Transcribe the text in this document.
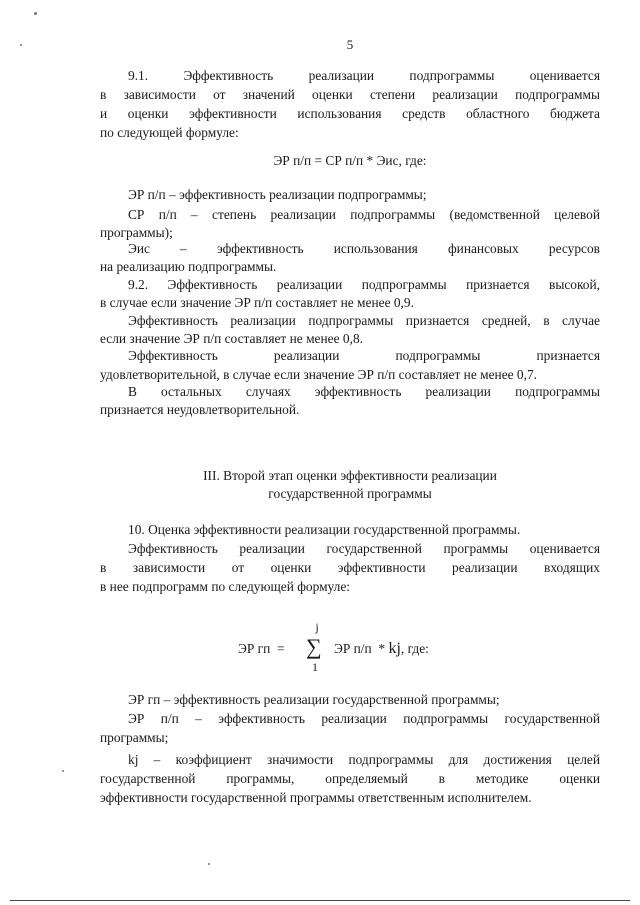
5
9.1. Эффективность реализации подпрограммы оценивается
в зависимости от значений оценки степени реализации подпрограммы
и оценки эффективности использования средств областного бюджета
по следующей формуле:
ЭР п/п = СР п/п * Эис, где:
ЭР п/п – эффективность реализации подпрограммы;
СР п/п – степень реализации подпрограммы (ведомственной целевой
программы);
Эис – эффективность использования финансовых ресурсов
на реализацию подпрограммы.
9.2. Эффективность реализации подпрограммы признается высокой,
в случае если значение ЭР п/п составляет не менее 0,9.
Эффективность реализации подпрограммы признается средней, в случае
если значение ЭР п/п составляет не менее 0,8.
Эффективность реализации подпрограммы признается
удовлетворительной, в случае если значение ЭР п/п составляет не менее 0,7.
В остальных случаях эффективность реализации подпрограммы
признается неудовлетворительной.
III. Второй этап оценки эффективности реализации
государственной программы
10. Оценка эффективности реализации государственной программы.
Эффективность реализации государственной программы оценивается
в зависимости от оценки эффективности реализации входящих
в нее подпрограмм по следующей формуле:
ЭР гп  =
j
∑
1
ЭР п/п  * kj, где:
ЭР гп – эффективность реализации государственной программы;
ЭР п/п – эффективность реализации подпрограммы государственной
программы;
kj – коэффициент значимости подпрограммы для достижения целей
государственной программы, определяемый в методике оценки
эффективности государственной программы ответственным исполнителем.
